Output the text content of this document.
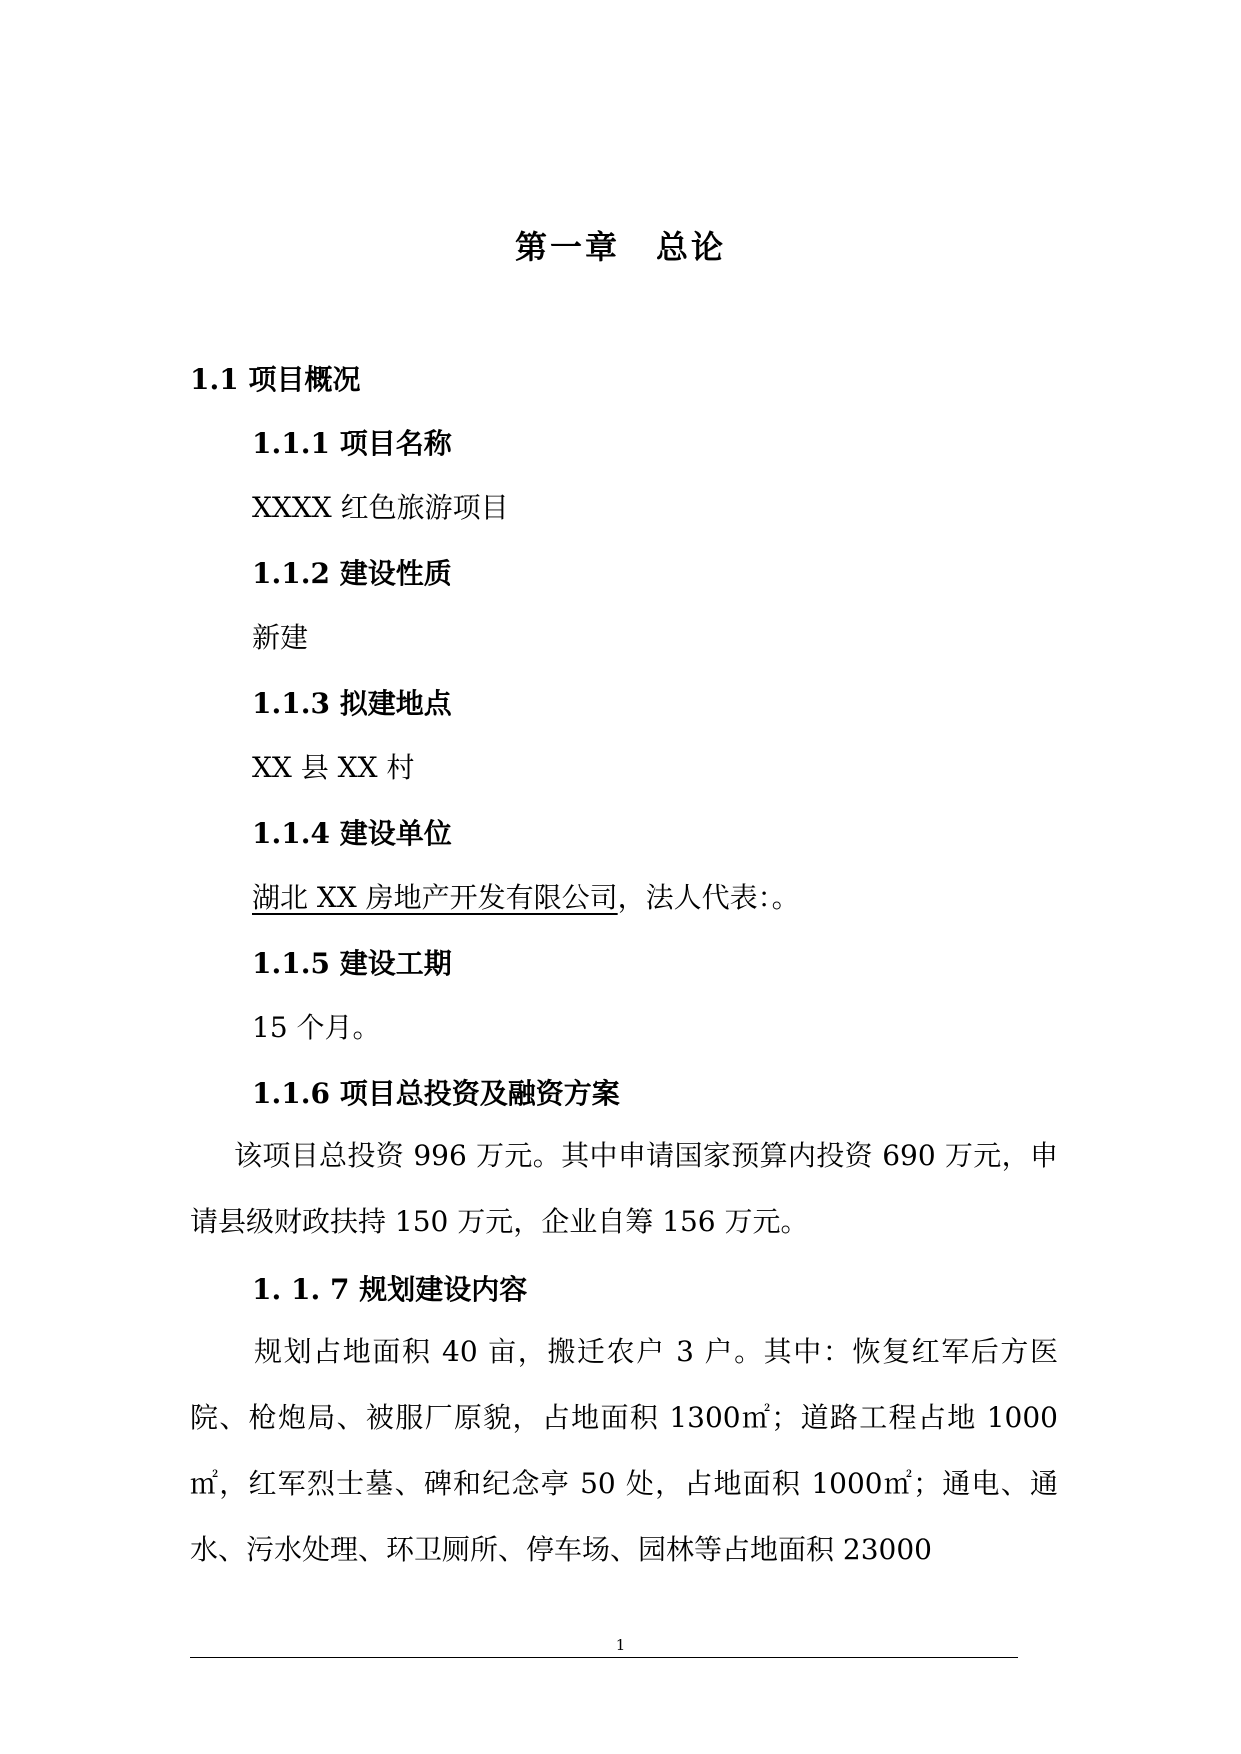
第一章 总论
1.1 项目概况
1.1.1 项目名称
XXXX 红色旅游项目
1.1.2 建设性质
新建
1.1.3 拟建地点
XX 县 XX 村
1.1.4 建设单位
湖北 XX 房地产开发有限公司，法人代表：。
1.1.5 建设工期
15 个月。
1.1.6 项目总投资及融资方案
该项目总投资 996 万元。其中申请国家预算内投资 690 万元，申请县级财政扶持 150 万元，企业自筹 156 万元。
1. 1. 7 规划建设内容
规划占地面积 40 亩，搬迁农户 3 户。其中：恢复红军后方医院、枪炮局、被服厂原貌，占地面积 1300㎡；道路工程占地 1000㎡，红军烈士墓、碑和纪念亭 50 处，占地面积 1000㎡；通电、通水、污水处理、环卫厕所、停车场、园林等占地面积 23000
1
